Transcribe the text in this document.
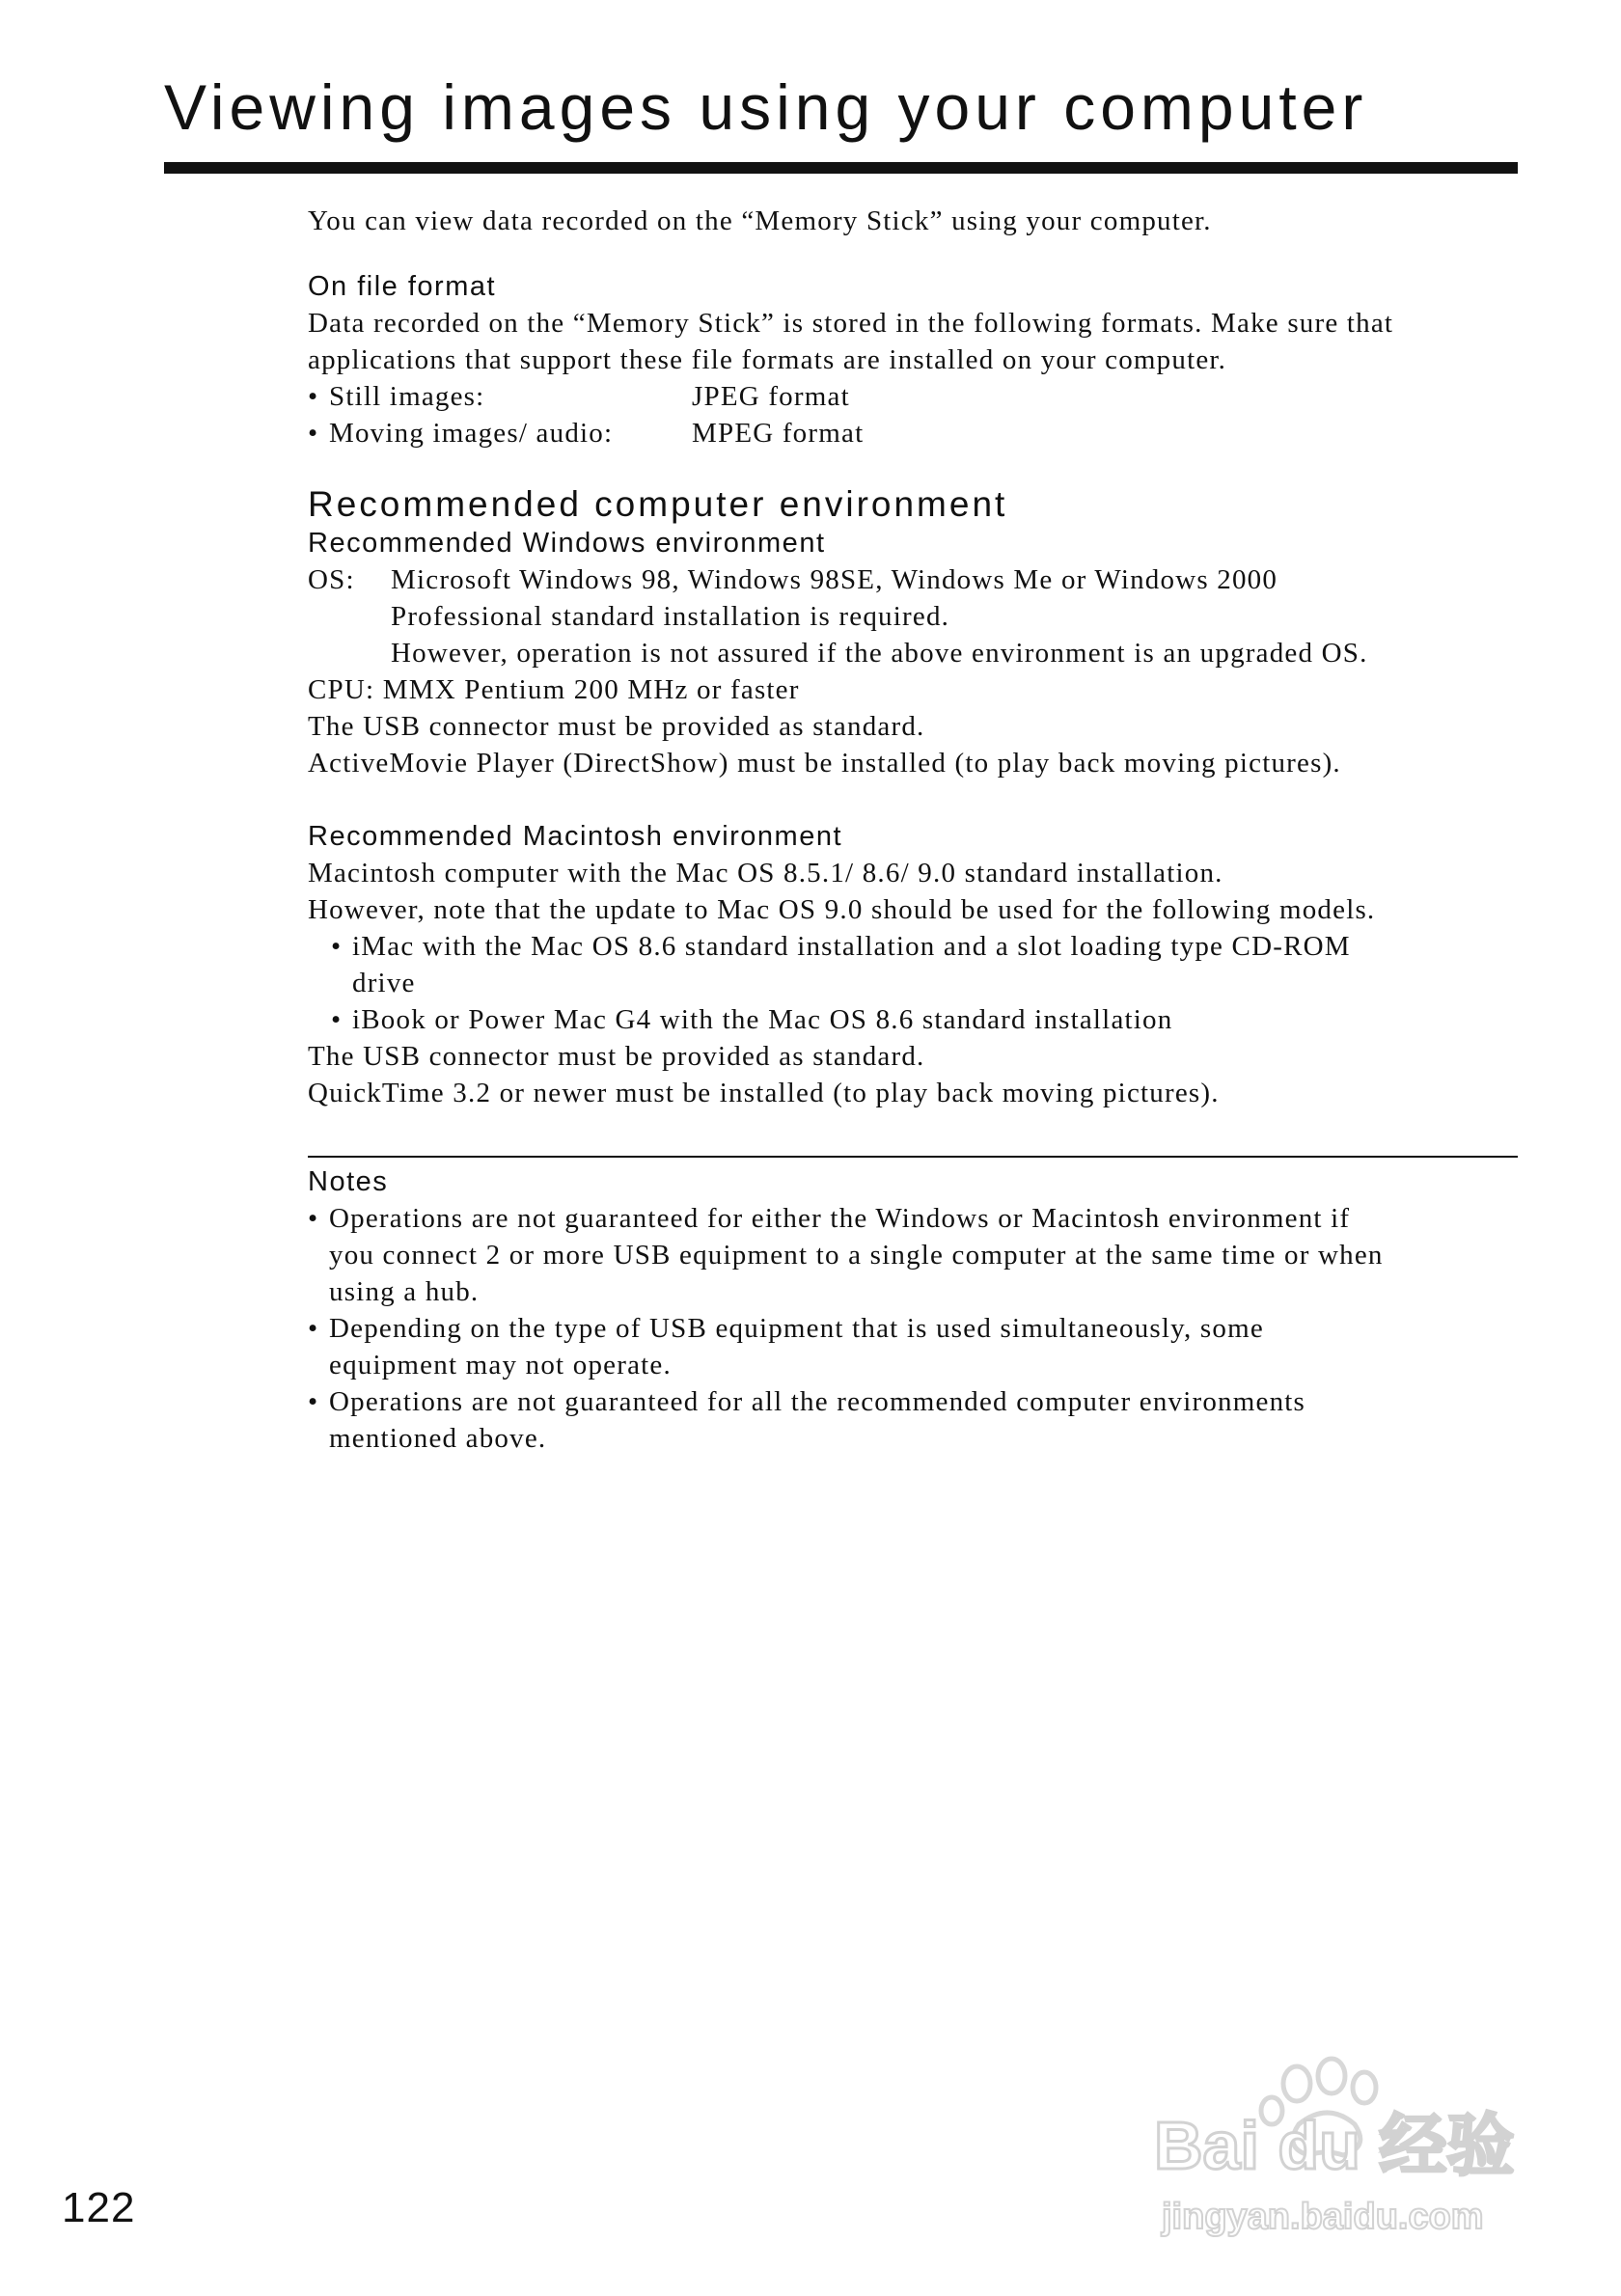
Viewing images using your computer

You can view data recorded on the “Memory Stick” using your computer.

On file format

Data recorded on the “Memory Stick” is stored in the following formats. Make sure that

applications that support these file formats are installed on your computer.

• Still images:	JPEG format
• Moving images/ audio:	MPEG format

Recommended computer environment

Recommended Windows environment

OS:	Microsoft Windows 98, Windows 98SE, Windows Me or Windows 2000
Professional standard installation is required.
However, operation is not assured if the above environment is an upgraded OS.

CPU: MMX Pentium 200 MHz or faster

The USB connector must be provided as standard.

ActiveMovie Player (DirectShow) must be installed (to play back moving pictures).

Recommended Macintosh environment

Macintosh computer with the Mac OS 8.5.1/ 8.6/ 9.0 standard installation.

However, note that the update to Mac OS 9.0 should be used for the following models.

• iMac with the Mac OS 8.6 standard installation and a slot loading type CD-ROM
drive
• iBook or Power Mac G4 with the Mac OS 8.6 standard installation

The USB connector must be provided as standard.

QuickTime 3.2 or newer must be installed (to play back moving pictures).

Notes

• Operations are not guaranteed for either the Windows or Macintosh environment if
you connect 2 or more USB equipment to a single computer at the same time or when
using a hub.
• Depending on the type of USB equipment that is used simultaneously, some
equipment may not operate.
• Operations are not guaranteed for all the recommended computer environments
mentioned above.
122
Bai du 经验
jingyan.baidu.com
